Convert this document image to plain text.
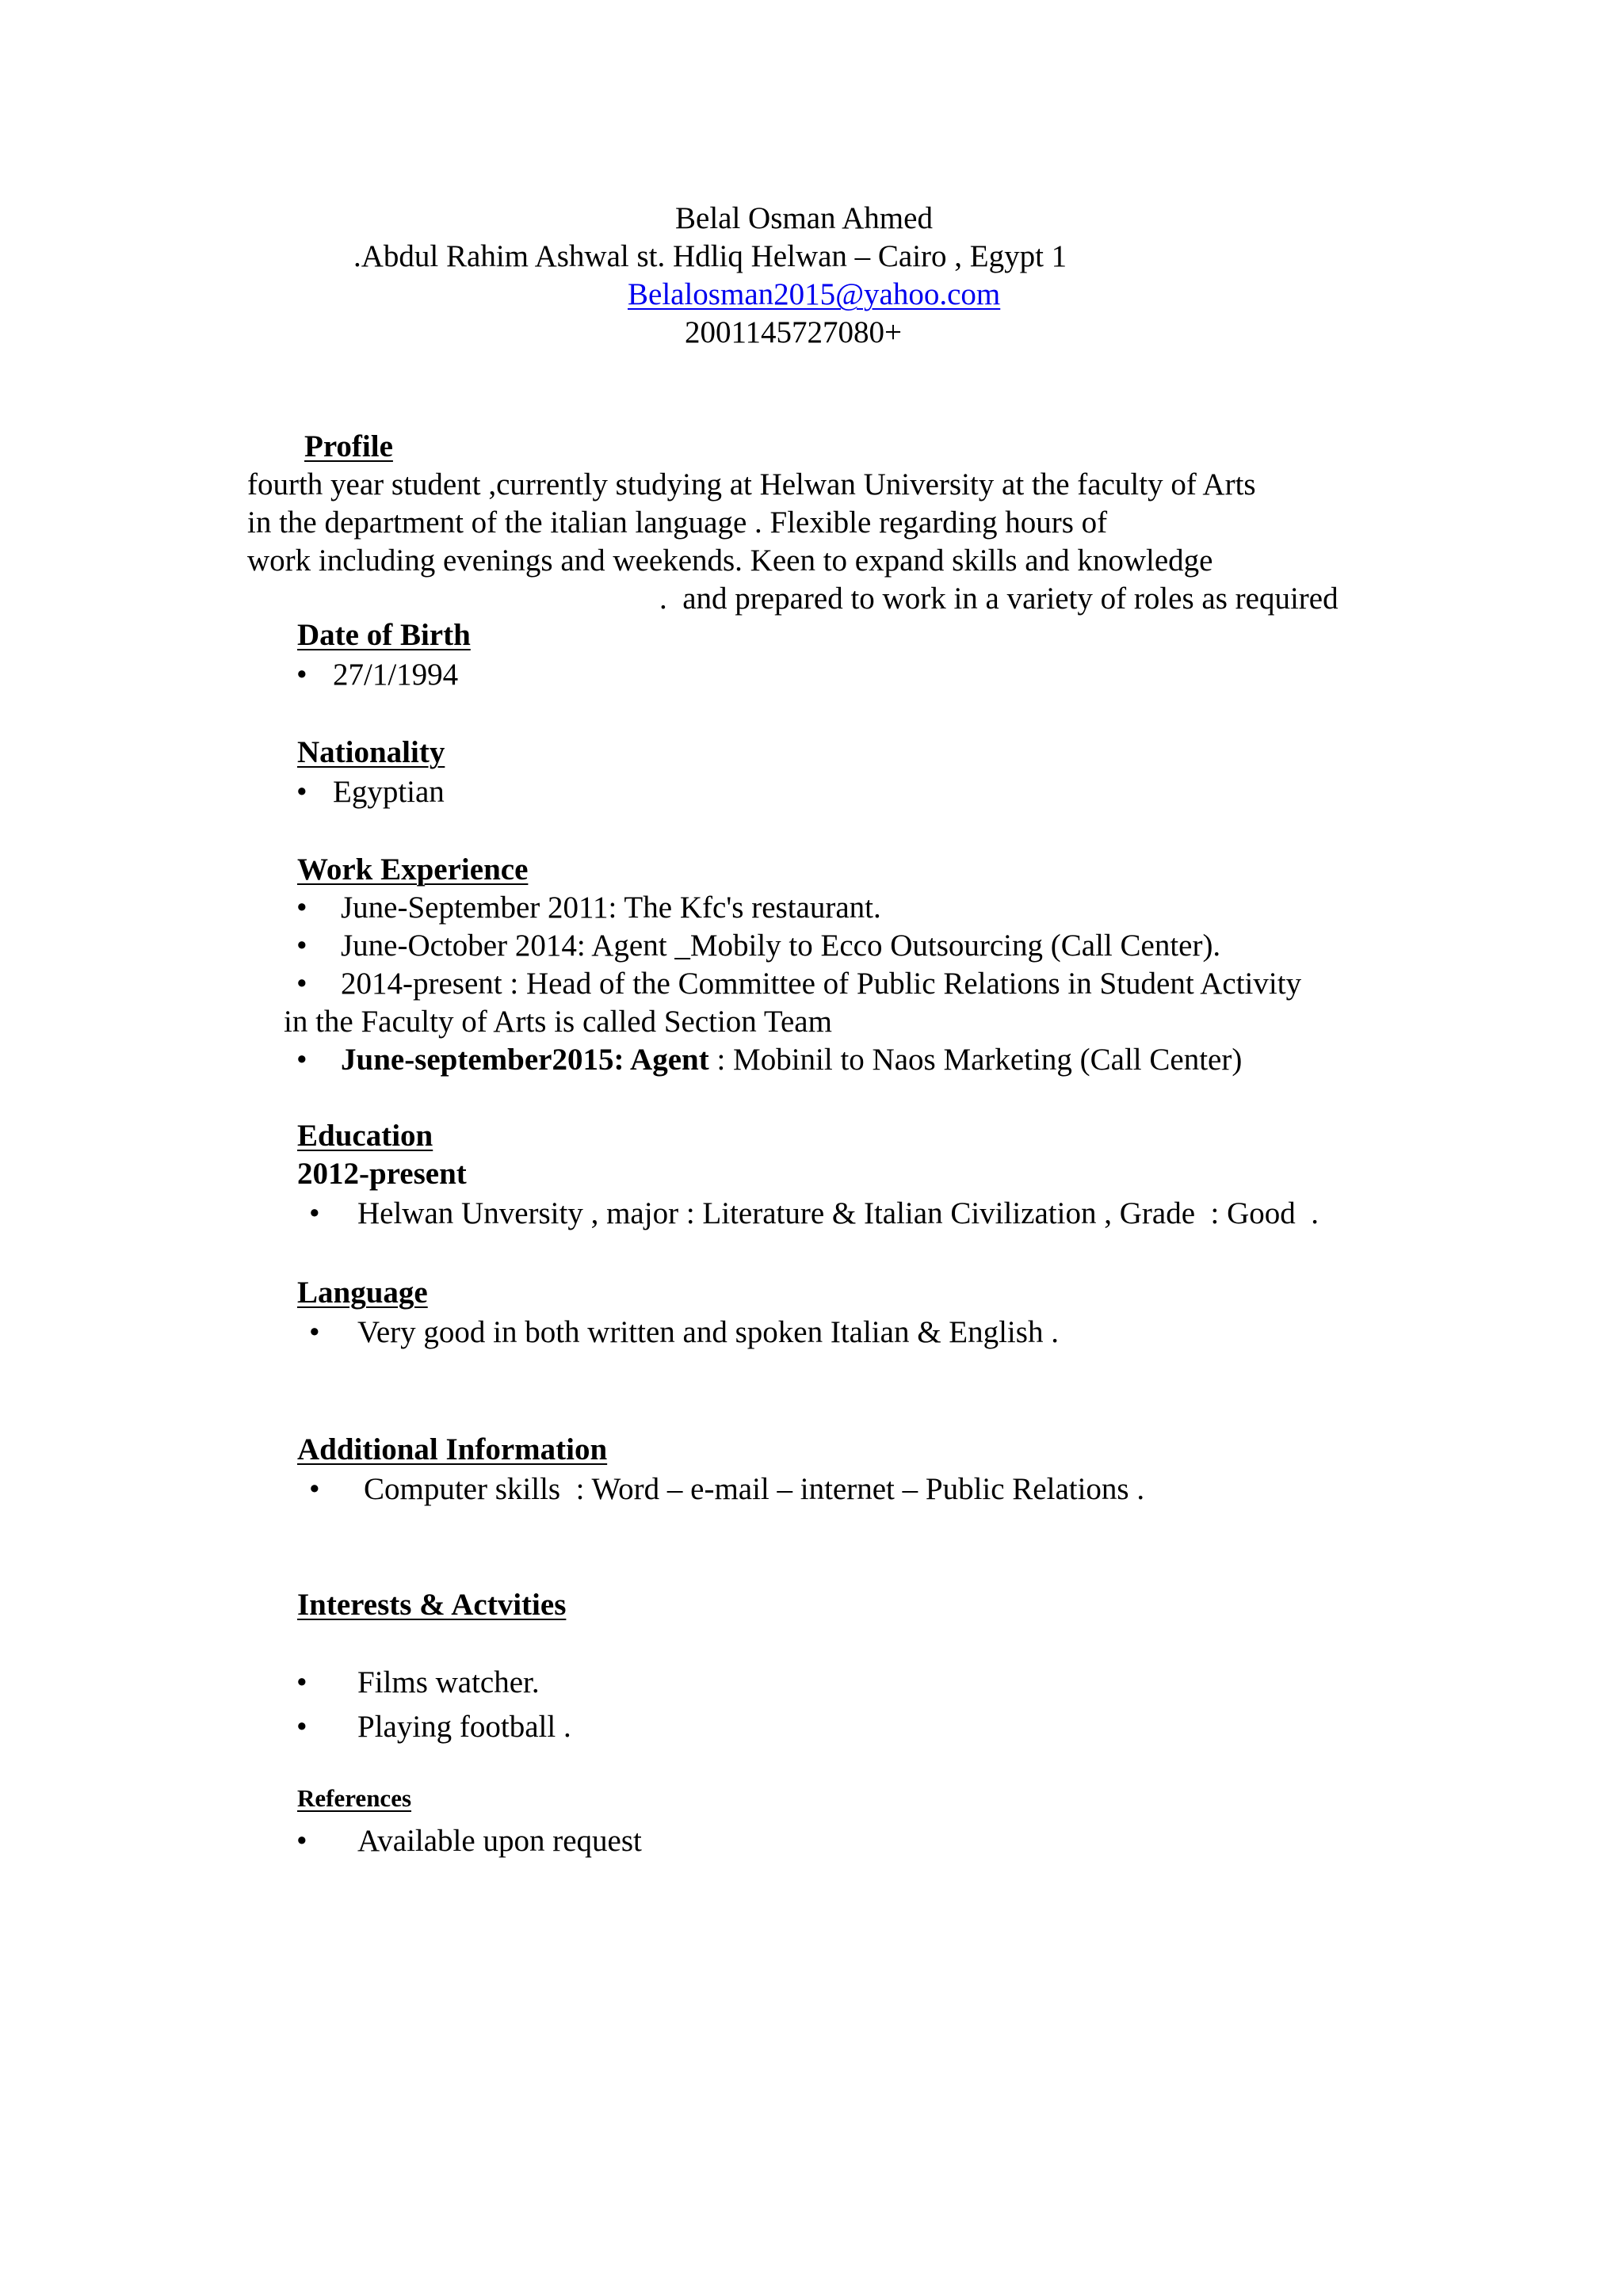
Belal Osman Ahmed
.Abdul Rahim Ashwal st. Hdliq Helwan – Cairo , Egypt 1
Belalosman2015@yahoo.com
2001145727080+
Profile
fourth year student ,currently studying at Helwan University at the faculty of Arts
in the department of the italian language . Flexible regarding hours of
work including evenings and weekends. Keen to expand skills and knowledge
.  and prepared to work in a variety of roles as required
Date of Birth
•
27/1/1994
Nationality
•
Egyptian
Work Experience
•
June-September 2011: The Kfc's restaurant.
•
June-October 2014: Agent _Mobily to Ecco Outsourcing (Call Center).
•
2014-present : Head of the Committee of Public Relations in Student Activity
in the Faculty of Arts is called Section Team
•
June-september2015: Agent : Mobinil to Naos Marketing (Call Center)
Education
2012-present
•
Helwan Unversity , major : Literature & Italian Civilization , Grade  : Good  .
Language
•
Very good in both written and spoken Italian & English .
Additional Information
•
Computer skills  : Word – e-mail – internet – Public Relations .
Interests & Actvities
•
Films watcher.
•
Playing football .
References
•
Available upon request
